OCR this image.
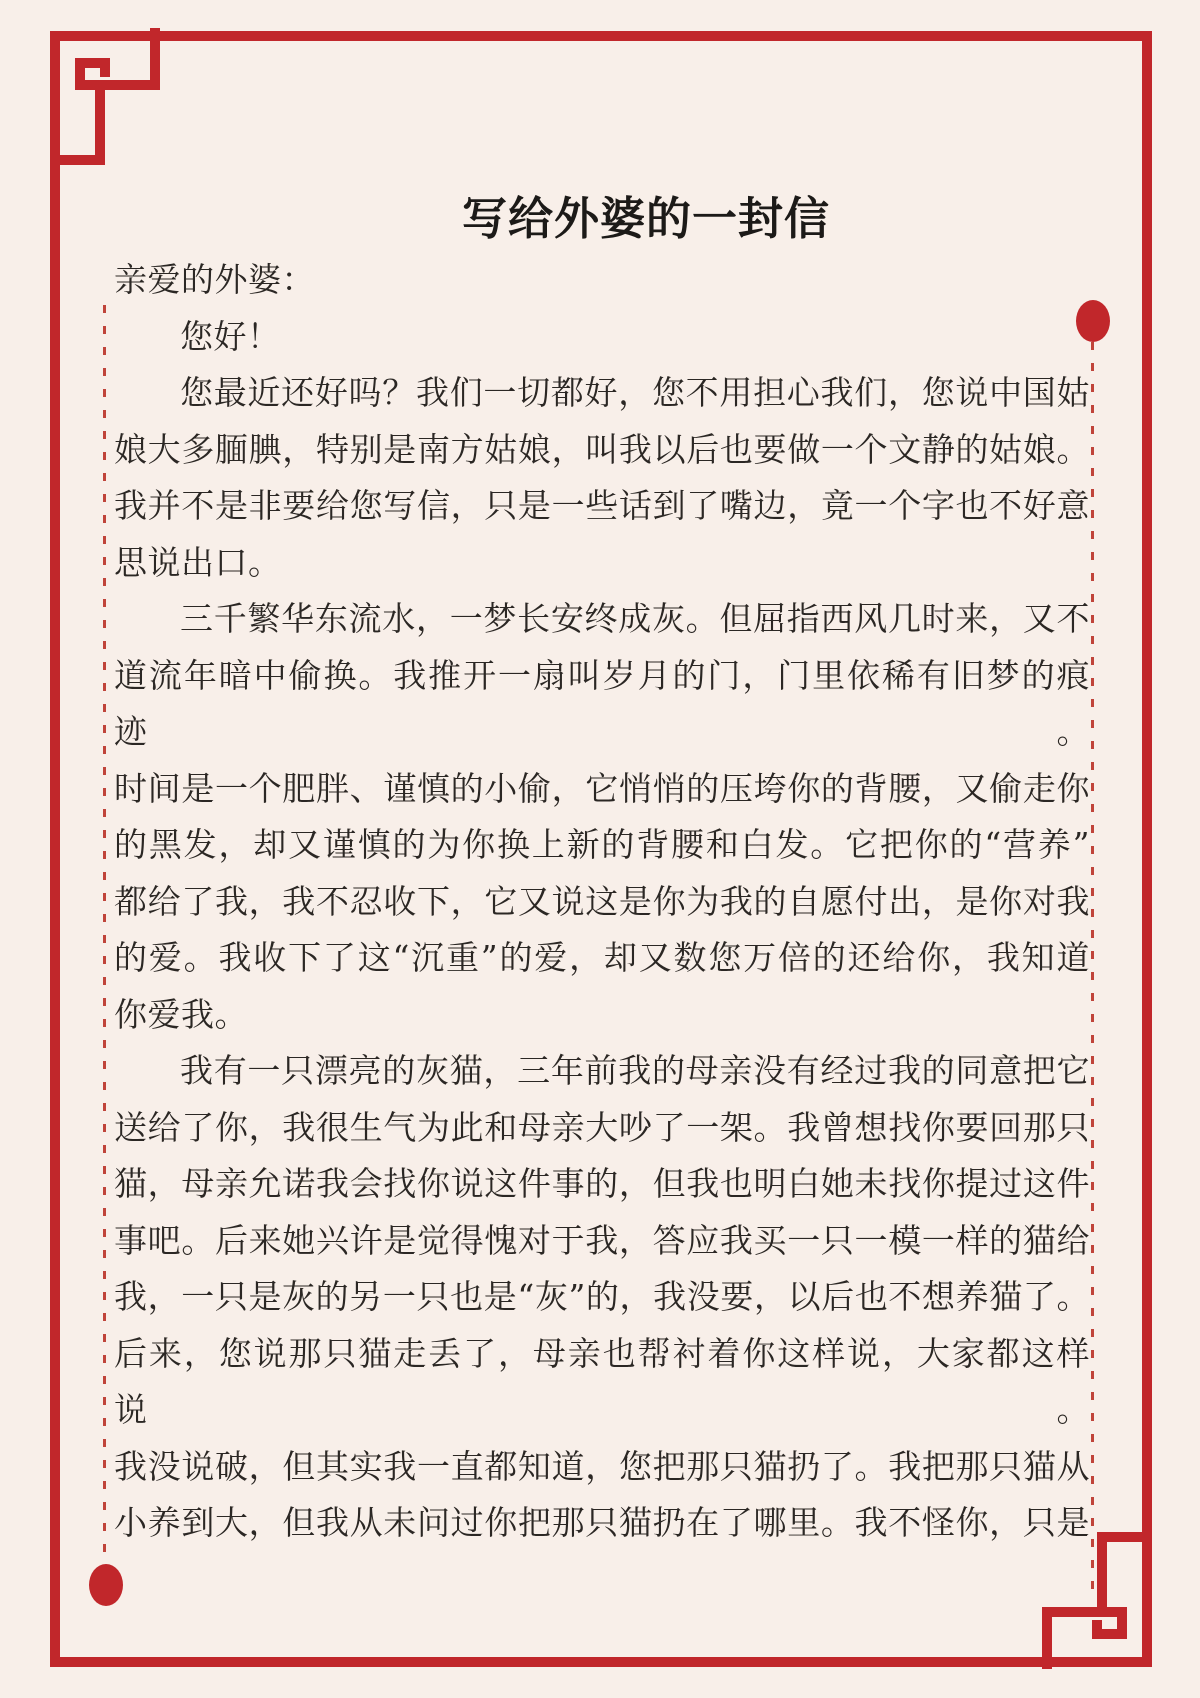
写给外婆的一封信
亲爱的外婆：
您好！
您最近还好吗？我们一切都好，您不用担心我们，您说中国姑
娘大多腼腆，特别是南方姑娘，叫我以后也要做一个文静的姑娘。
我并不是非要给您写信，只是一些话到了嘴边，竟一个字也不好意
思说出口。
三千繁华东流水，一梦长安终成灰。但屈指西风几时来，又不
道流年暗中偷换。我推开一扇叫岁月的门，门里依稀有旧梦的痕迹。
时间是一个肥胖、谨慎的小偷，它悄悄的压垮你的背腰，又偷走你
的黑发，却又谨慎的为你换上新的背腰和白发。它把你的“营养”
都给了我，我不忍收下，它又说这是你为我的自愿付出，是你对我
的爱。我收下了这“沉重”的爱，却又数您万倍的还给你，我知道
你爱我。
我有一只漂亮的灰猫，三年前我的母亲没有经过我的同意把它
送给了你，我很生气为此和母亲大吵了一架。我曾想找你要回那只
猫，母亲允诺我会找你说这件事的，但我也明白她未找你提过这件
事吧。后来她兴许是觉得愧对于我，答应我买一只一模一样的猫给
我，一只是灰的另一只也是“灰”的，我没要，以后也不想养猫了。
后来，您说那只猫走丢了，母亲也帮衬着你这样说，大家都这样说。
我没说破，但其实我一直都知道，您把那只猫扔了。我把那只猫从
小养到大，但我从未问过你把那只猫扔在了哪里。我不怪你，只是
